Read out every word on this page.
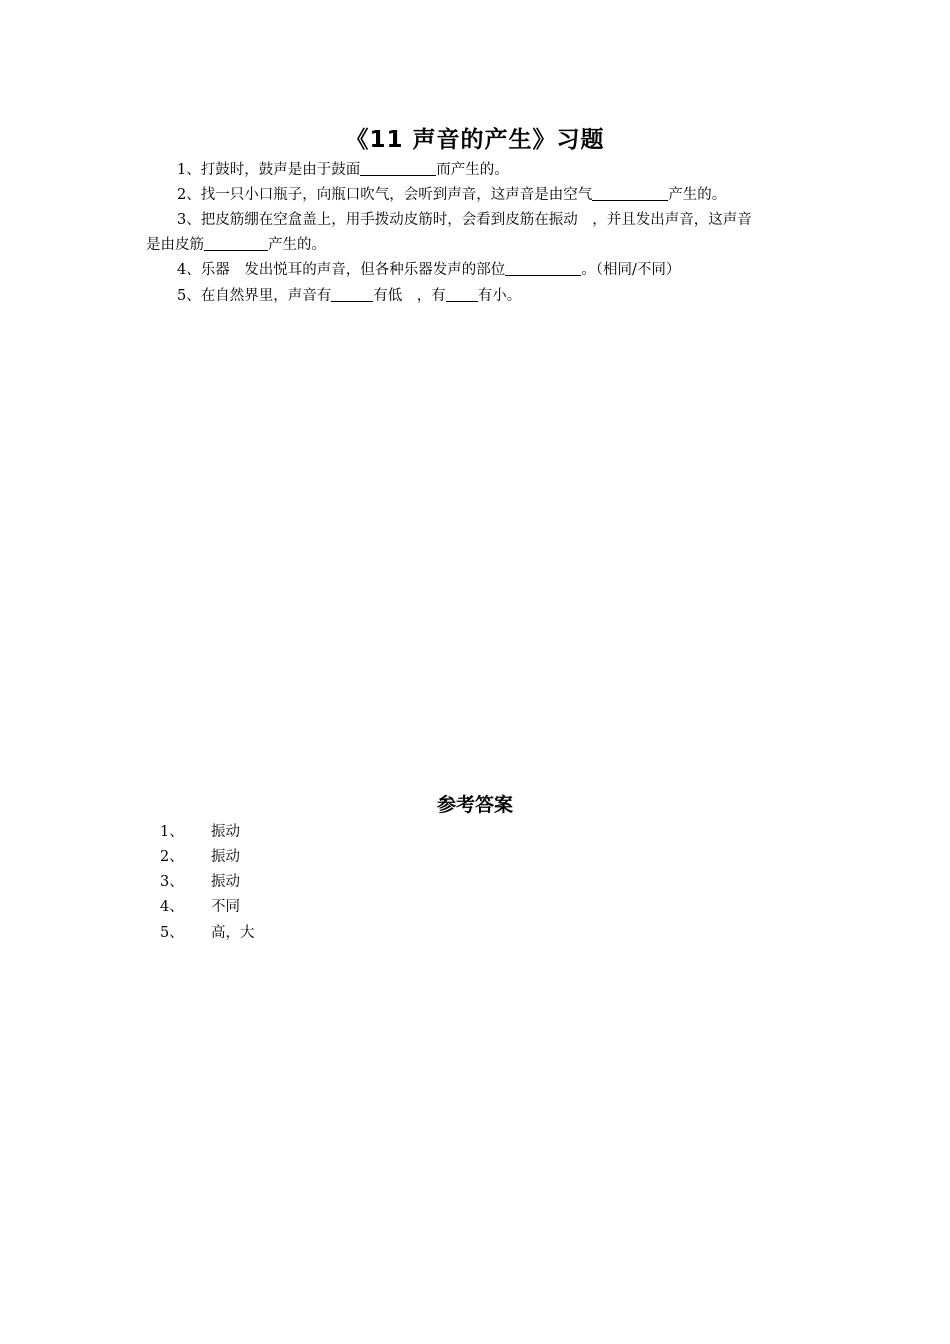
《11 声音的产生》习题
1、打鼓时，鼓声是由于鼓面	而产生的。
2、找一只小口瓶子，向瓶口吹气，会听到声音，这声音是由空气	产生的。
3、把皮筋绷在空盒盖上，用手拨动皮筋时，会看到皮筋在振动　，并且发出声音，这声音
是由皮筋	产生的。
4、乐器　发出悦耳的声音，但各种乐器发声的部位	。（相同/不同）
5、在自然界里，声音有	有低　，有 有小。
参考答案
1、 振动
2、 振动
3、 振动
4、 不同
5、 高，大
